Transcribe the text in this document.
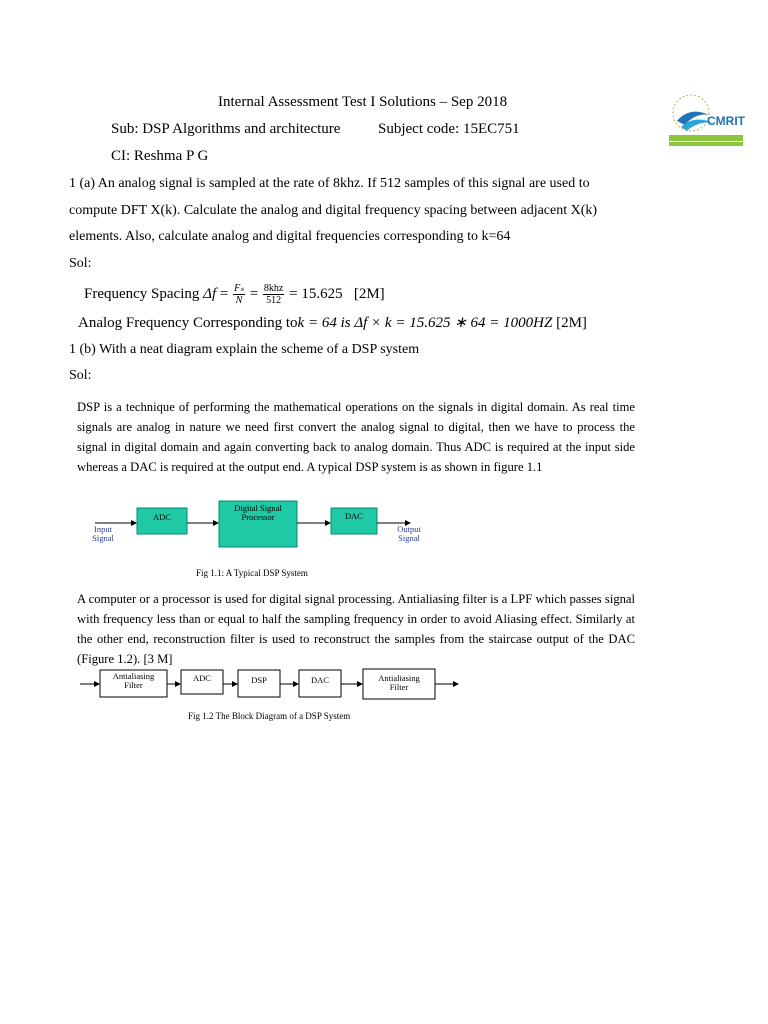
Internal Assessment Test I Solutions – Sep 2018
Sub: DSP Algorithms and architecture	Subject code: 15EC751
CI: Reshma P G
CMRIT
1 (a) An analog signal is sampled at the rate of 8khz. If 512 samples of this signal are used to
compute DFT X(k). Calculate the analog and digital frequency spacing between adjacent X(k)
elements. Also, calculate analog and digital frequencies corresponding to k=64
Sol:
Frequency Spacing $\Delta f = \frac{\text{Fₛ}}{N} = \frac{\text{8khz}}{512} = 15.625$ [2M]
Analog Frequency Corresponding tok = 64 is Δf × k = 15.625 ∗ 64 = 1000HZ [2M]
1 (b) With a neat diagram explain the scheme of a DSP system
Sol:
DSP is a technique of performing the mathematical operations on the signals in digital domain. As real time signals are analog in nature we need first convert the analog signal to digital, then we have to process the signal in digital domain and again converting back to analog domain. Thus ADC is required at the input side whereas a DAC is required at the output end. A typical DSP system is as shown in figure 1.1
Input
Signal
ADC
Digital Signal
Processor	DAC
Output
Signal
Fig 1.1: A Typical DSP System
A computer or a processor is used for digital signal processing. Antialiasing filter is a LPF which passes signal with frequency less than or equal to half the sampling frequency in order to avoid Aliasing effect. Similarly at the other end, reconstruction filter is used to reconstruct the samples from the staircase output of the DAC (Figure 1.2). [3 M]
Antialiasing
Filter
ADC	DSP	DAC	Antialiasing
Filter
Fig 1.2 The Block Diagram of a DSP System
